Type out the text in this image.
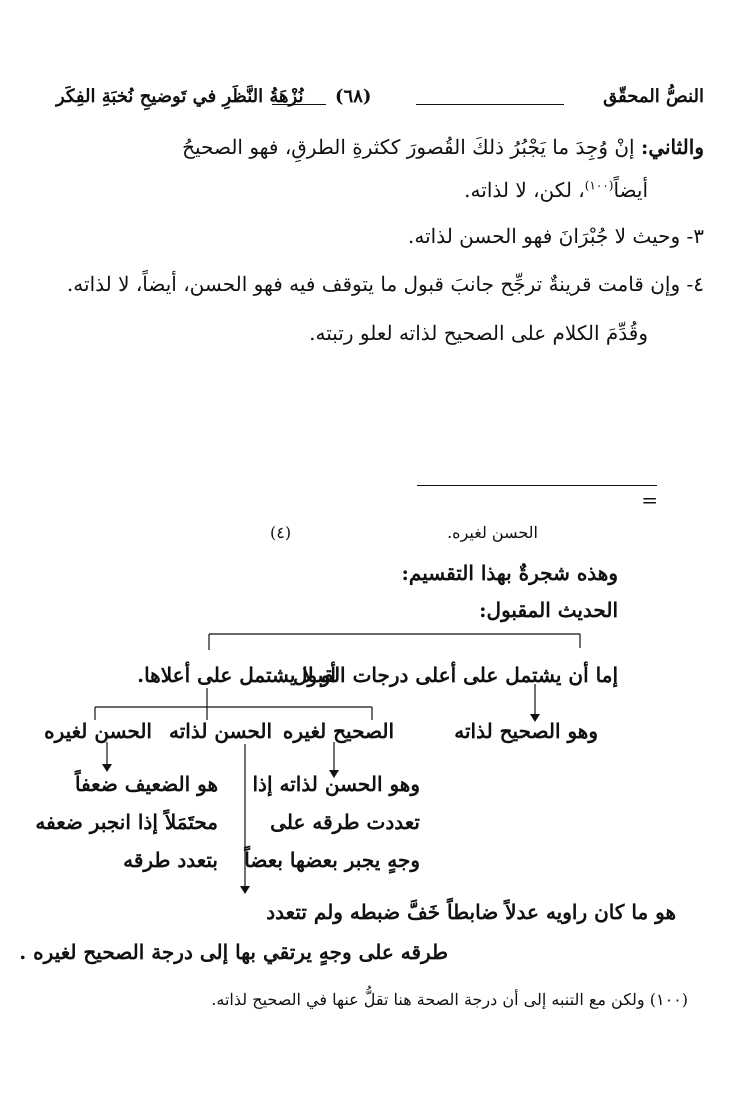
النصُّ المحقّق
(٦٨)
نُزْهَةُ النَّظَرِ في تَوضيحِ نُخبَةِ الفِكَر
والثاني: إنْ وُجِدَ ما يَجْبُرُ ذلكَ القُصورَ ككثرةِ الطرقِ، فهو الصحيحُ
أيضاً$^{(١٠٠)}$، لكن، لا لذاته.
٣- وحيث لا جُبْرَانَ فهو الحسن لذاته.
٤- وإن قامت قرينةٌ ترجِّح جانبَ قبول ما يتوقف فيه فهو الحسن، أيضاً، لا لذاته.
وقُدِّمَ الكلام على الصحيح لذاته لعلو رتبته.
=
الحسن لغيره.
(٤)
وهذه شجرةٌ بهذا التقسيم:
الحديث المقبول:
إما أن يشتمل على أعلى درجات القبول
أو لا يشتمل على أعلاها.
وهو الصحيح لذاته
الصحيح لغيره
الحسن لذاته
الحسن لغيره
وهو الحسن لذاته إذا
تعددت طرقه على
وجهٍ يجبر بعضها بعضاً
هو الضعيف ضعفاً
محتَمَلاً إذا انجبر ضعفه
بتعدد طرقه
هو ما كان راويه عدلاً ضابطاً خَفَّ ضبطه ولم تتعدد
طرقه على وجهٍ يرتقي بها إلى درجة الصحيح لغيره .
(١٠٠) ولكن مع التنبه إلى أن درجة الصحة هنا تقلُّ عنها في الصحيح لذاته.
